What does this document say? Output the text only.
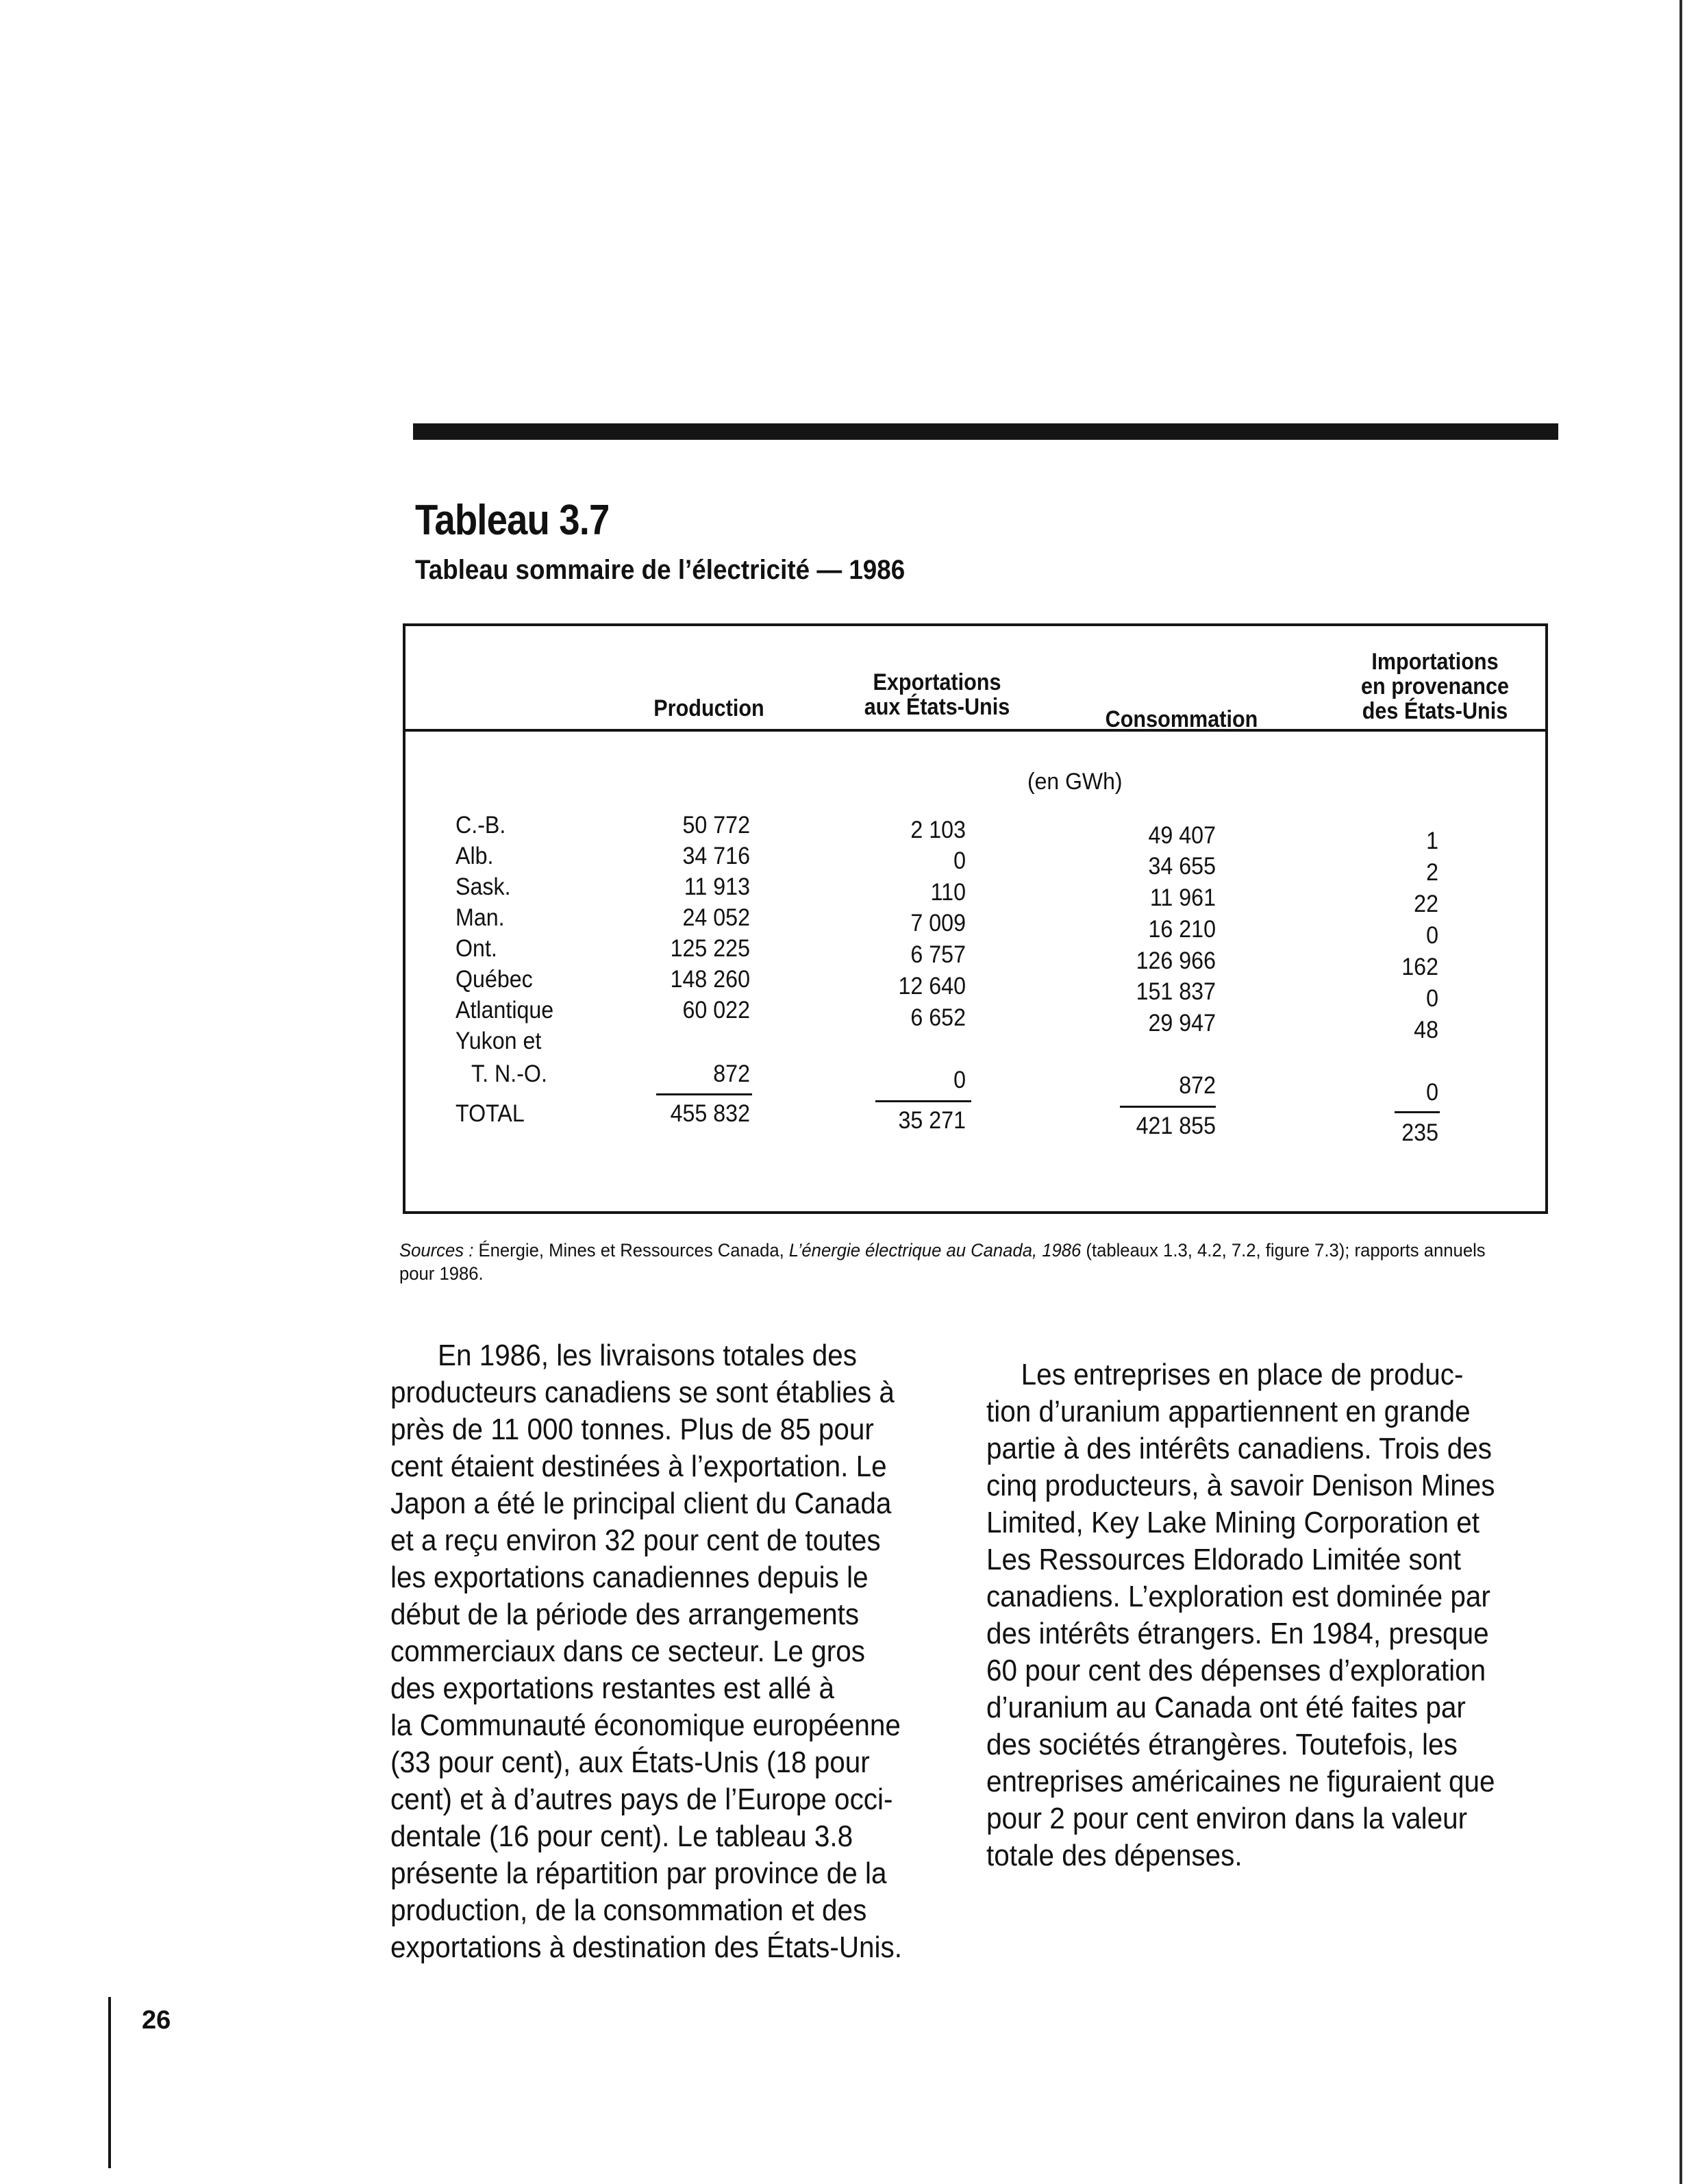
Tableau 3.7
Tableau sommaire de l’électricité — 1986
Production
Exportations
aux États-Unis	Consommation
Importations
en provenance
des États-Unis
(en GWh)
C.-B.
Alb.
Sask.
Man.
Ont.
Québec
Atlantique
Yukon et
T. N.-O.
TOTAL
50 772
34 716
11 913
24 052
125 225
148 260
60 022
872
455 832
2 103
0
110
7 009
6 757
12 640
6 652
0
35 271
49 407
34 655
11 961
16 210
126 966
151 837
29 947
872
421 855
1
2
22
0
162
0
48
0
235
Sources : Énergie, Mines et Ressources Canada, L’énergie électrique au Canada, 1986 (tableaux 1.3, 4.2, 7.2, figure 7.3); rapports annuels pour 1986.
En 1986, les livraisons totales des
producteurs canadiens se sont établies à
près de 11 000 tonnes. Plus de 85 pour
cent étaient destinées à l’exportation. Le
Japon a été le principal client du Canada
et a reçu environ 32 pour cent de toutes
les exportations canadiennes depuis le
début de la période des arrangements
commerciaux dans ce secteur. Le gros
des exportations restantes est allé à
la Communauté économique européenne
(33 pour cent), aux États-Unis (18 pour
cent) et à d’autres pays de l’Europe occi-
dentale (16 pour cent). Le tableau 3.8
présente la répartition par province de la
production, de la consommation et des
exportations à destination des États-Unis.
Les entreprises en place de produc-
tion d’uranium appartiennent en grande
partie à des intérêts canadiens. Trois des
cinq producteurs, à savoir Denison Mines
Limited, Key Lake Mining Corporation et
Les Ressources Eldorado Limitée sont
canadiens. L’exploration est dominée par
des intérêts étrangers. En 1984, presque
60 pour cent des dépenses d’exploration
d’uranium au Canada ont été faites par
des sociétés étrangères. Toutefois, les
entreprises américaines ne figuraient que
pour 2 pour cent environ dans la valeur
totale des dépenses.
26
